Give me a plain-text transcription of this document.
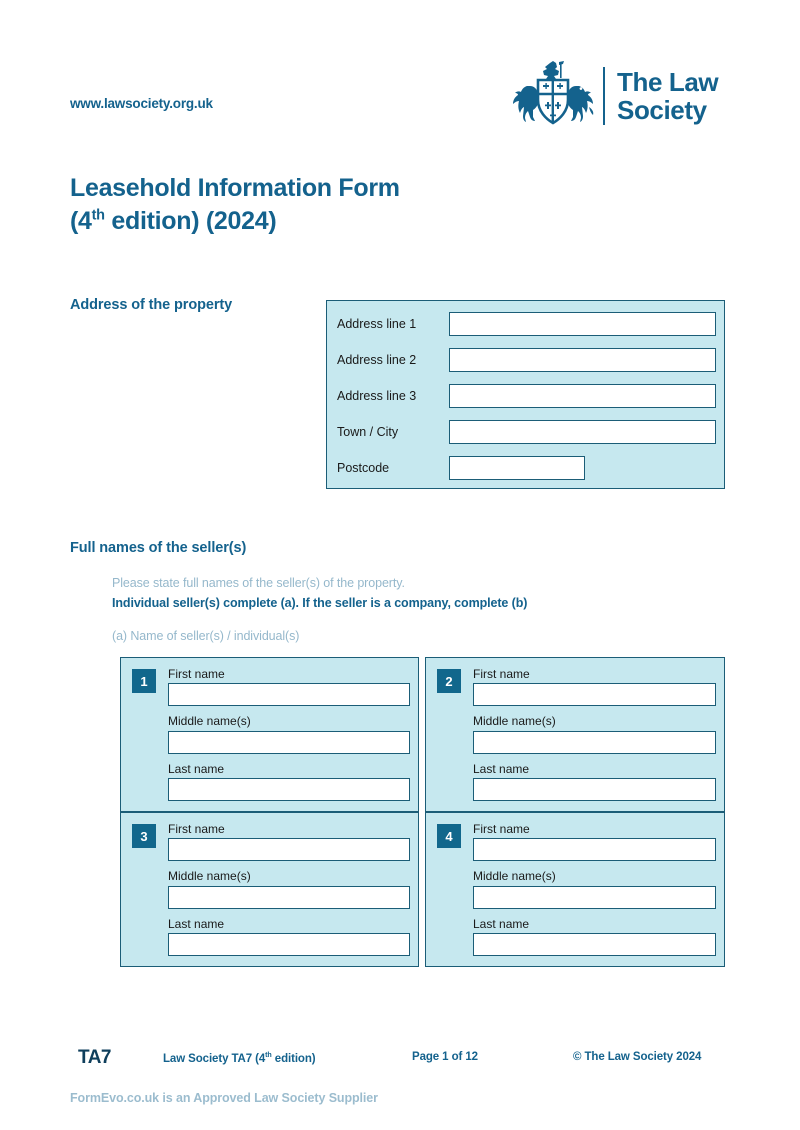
www.lawsociety.org.uk
The Law
Society
Leasehold Information Form
(4th edition) (2024)
Address of the property
Address line 1
Address line 2
Address line 3
Town / City
Postcode
Full names of the seller(s)
Please state full names of the seller(s) of the property.
Individual seller(s) complete (a). If the seller is a company, complete (b)
(a) Name of seller(s) / individual(s)
1	First name
Middle name(s)
Last name
2	First name
Middle name(s)
Last name
3	First name
Middle name(s)
Last name
4	First name
Middle name(s)
Last name
TA7	Law Society TA7 (4th edition)	Page 1 of 12	© The Law Society 2024
FormEvo.co.uk is an Approved Law Society Supplier
